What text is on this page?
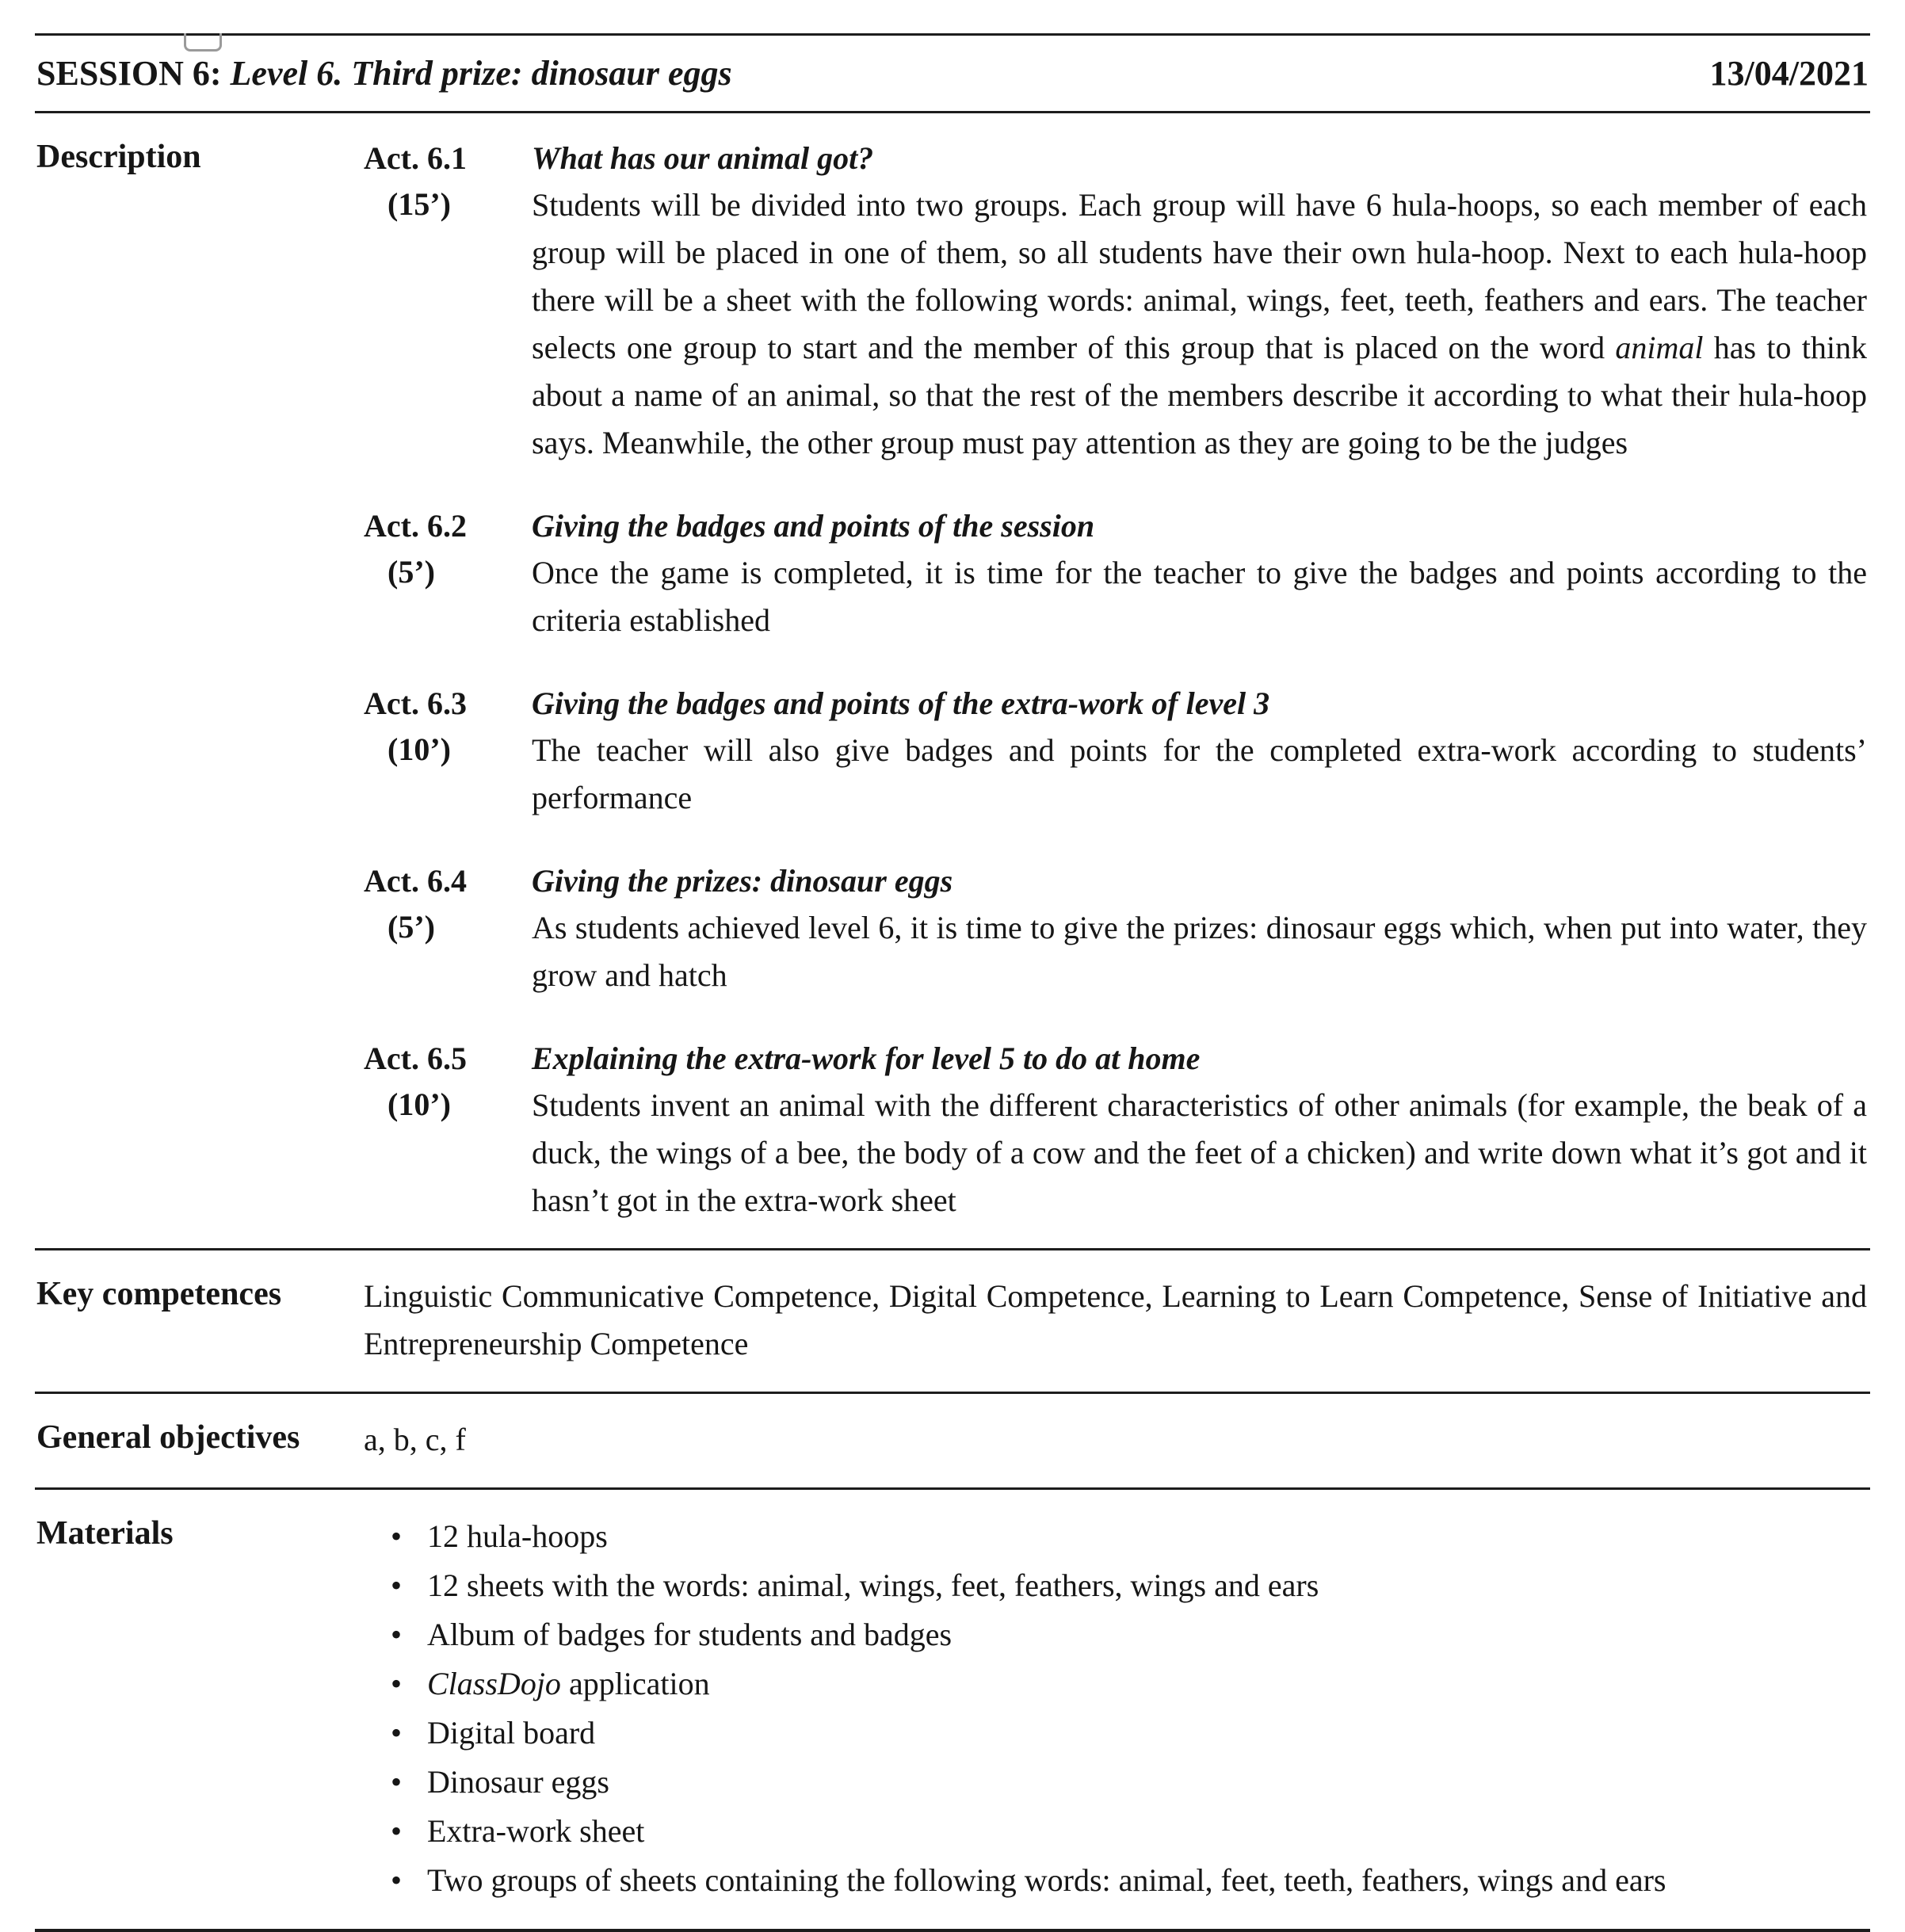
SESSION 6: Level 6. Third prize: dinosaur eggs	13/04/2021
Description	Act. 6.1
(15’)

What has our animal got?

Students will be divided into two groups. Each group will have 6 hula-hoops, so each member of each group will be placed in one of them, so all students have their own hula-hoop. Next to each hula-hoop there will be a sheet with the following words: animal, wings, feet, teeth, feathers and ears. The teacher selects one group to start and the member of this group that is placed on the word animal has to think about a name of an animal, so that the rest of the members describe it according to what their hula-hoop says. Meanwhile, the other group must pay attention as they are going to be the judges

Act. 6.2
(5’)

Giving the badges and points of the session

Once the game is completed, it is time for the teacher to give the badges and points according to the criteria established

Act. 6.3
(10’)

Giving the badges and points of the extra-work of level 3

The teacher will also give badges and points for the completed extra-work according to students’ performance

Act. 6.4
(5’)

Giving the prizes: dinosaur eggs

As students achieved level 6, it is time to give the prizes: dinosaur eggs which, when put into water, they grow and hatch

Act. 6.5
(10’)

Explaining the extra-work for level 5 to do at home

Students invent an animal with the different characteristics of other animals (for example, the beak of a duck, the wings of a bee, the body of a cow and the feet of a chicken) and write down what it’s got and it hasn’t got in the extra-work sheet

Key competences	Linguistic Communicative Competence, Digital Competence, Learning to Learn Competence, Sense of Initiative and Entrepreneurship Competence
General objectives	a, b, c, f
Materials	• 12 hula-hoops
• 12 sheets with the words: animal, wings, feet, feathers, wings and ears
• Album of badges for students and badges
• ClassDojo application
• Digital board
• Dinosaur eggs
• Extra-work sheet
• Two groups of sheets containing the following words: animal, feet, teeth, feathers, wings and ears
